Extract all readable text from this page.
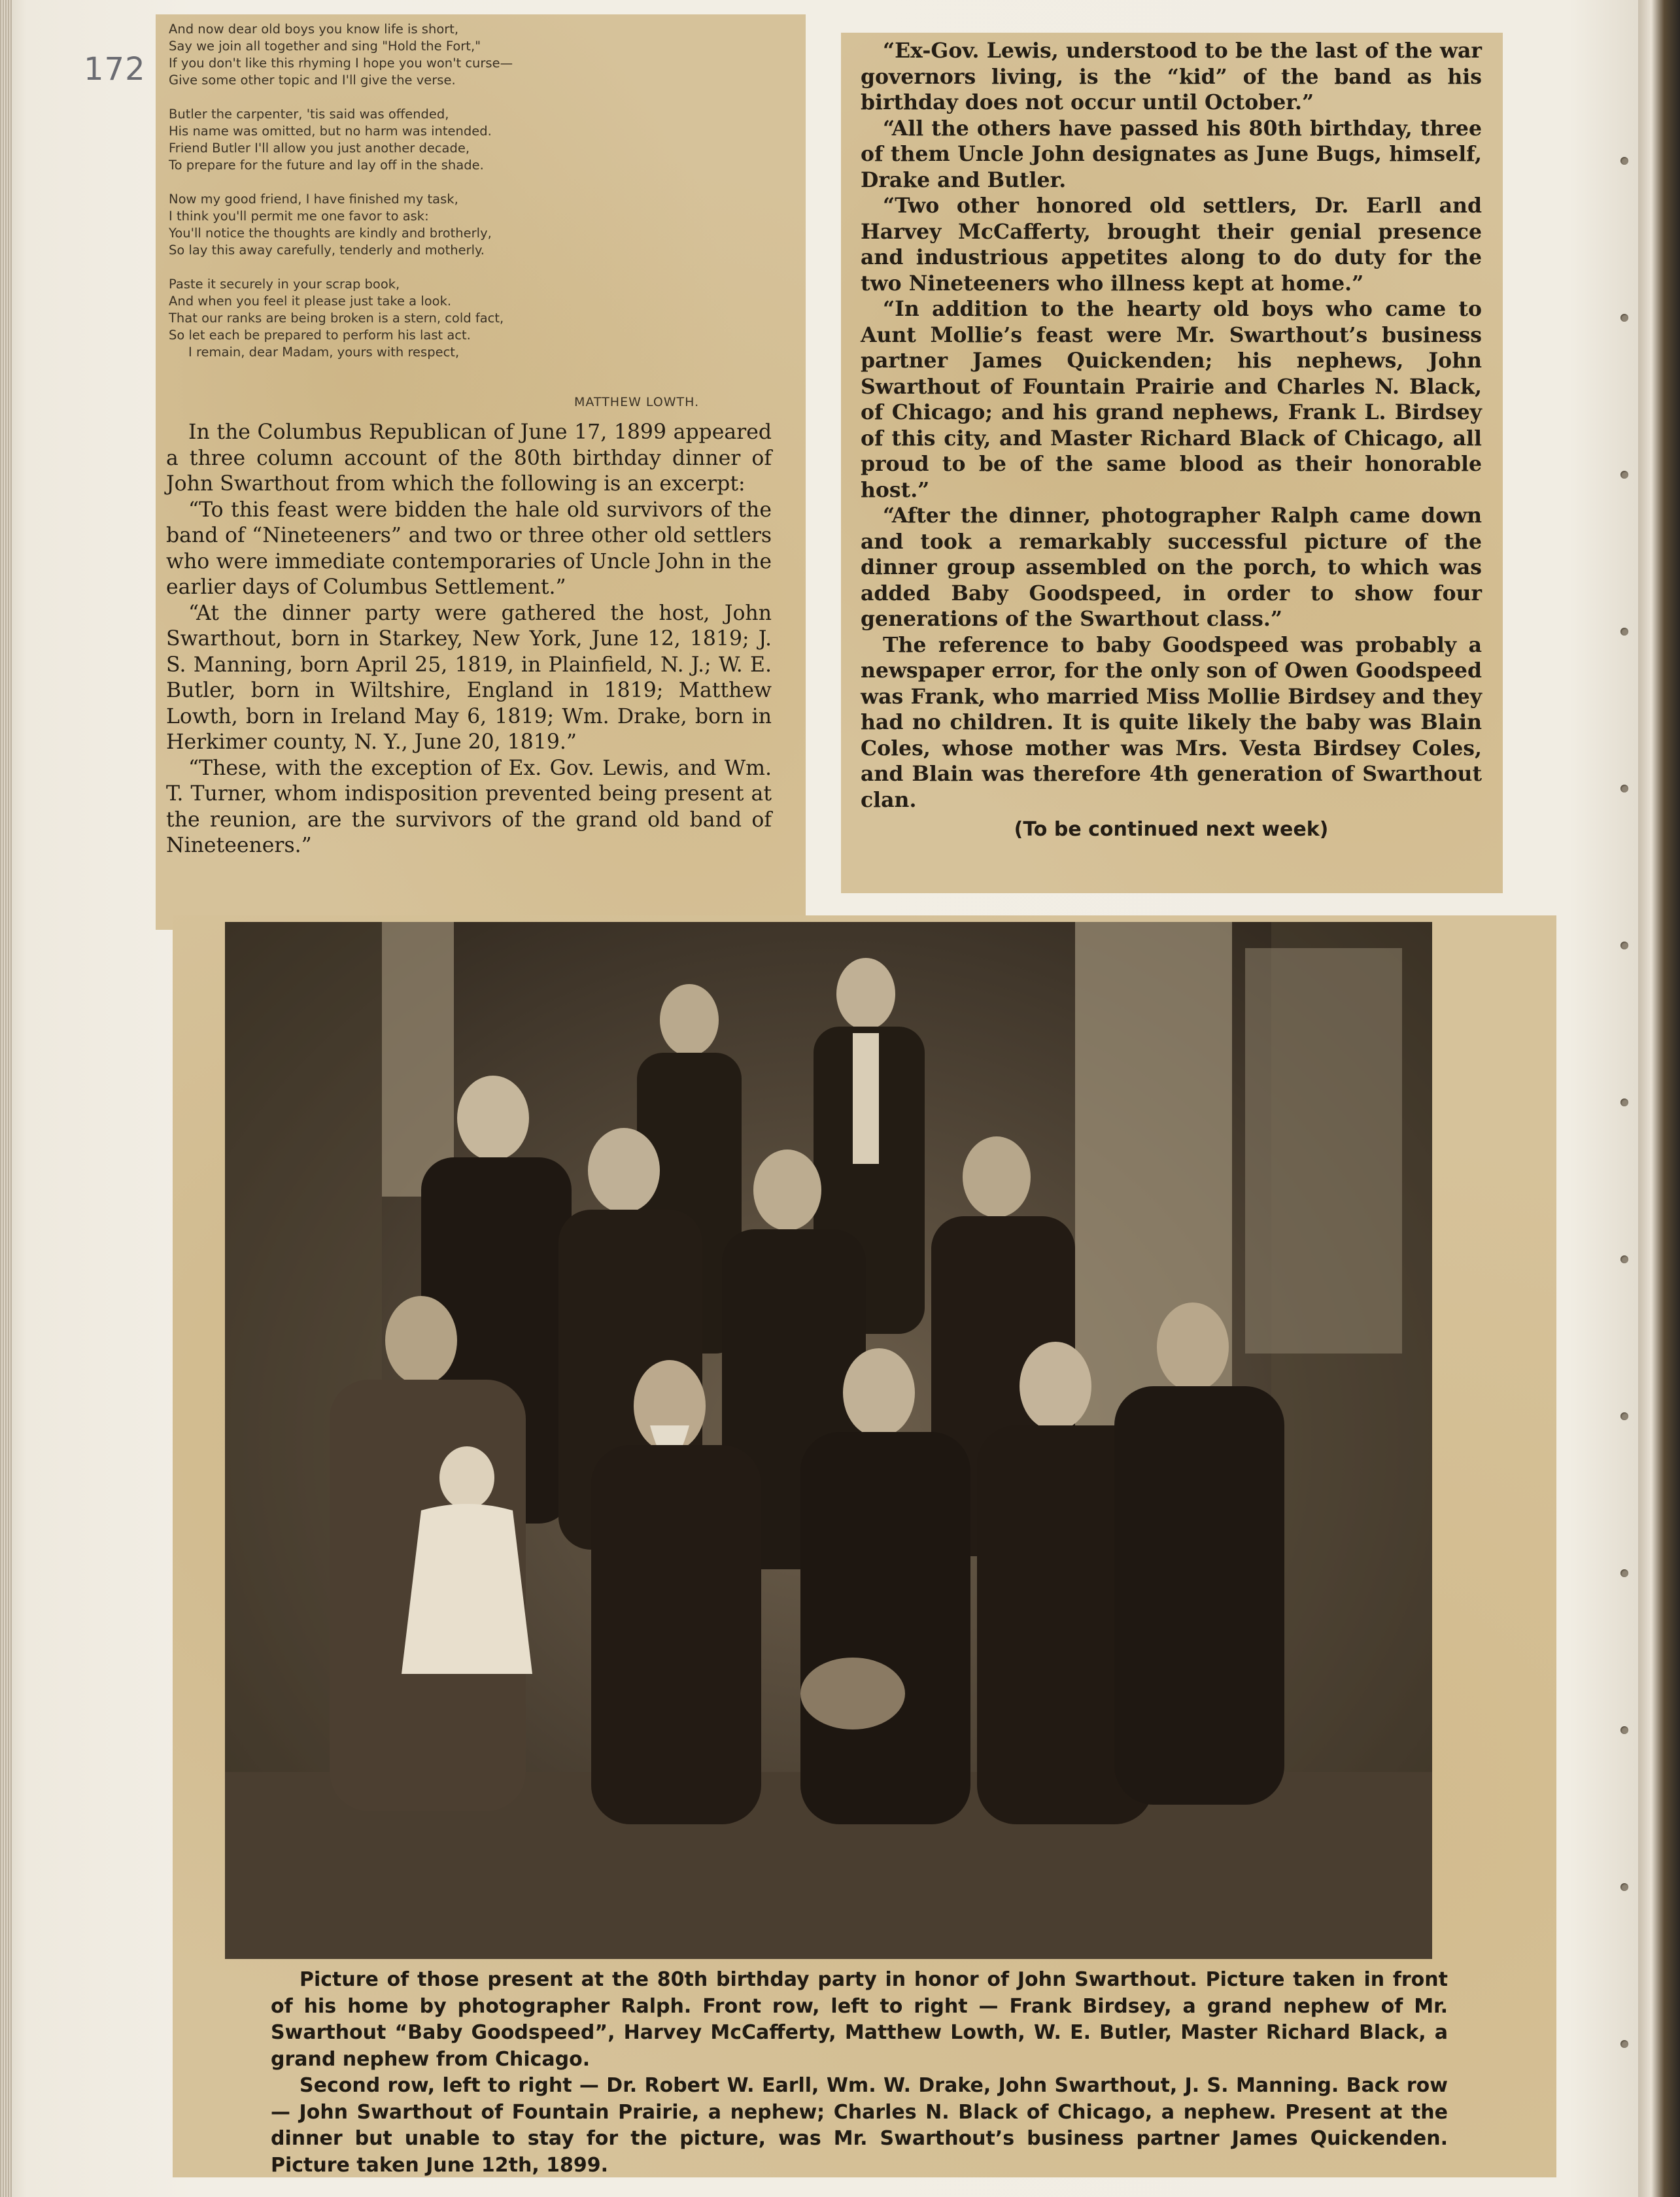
172
And now dear old boys you know life is short,
Say we join all together and sing "Hold the Fort,"
If you don't like this rhyming I hope you won't curse—
Give some other topic and I'll give the verse.
Butler the carpenter, 'tis said was offended,
His name was omitted, but no harm was intended.
Friend Butler I'll allow you just another decade,
To prepare for the future and lay off in the shade.
Now my good friend, I have finished my task,
I think you'll permit me one favor to ask:
You'll notice the thoughts are kindly and brotherly,
So lay this away carefully, tenderly and motherly.
Paste it securely in your scrap book,
And when you feel it please just take a look.
That our ranks are being broken is a stern, cold fact,
So let each be prepared to perform his last act.
I remain, dear Madam, yours with respect,
MATTHEW LOWTH.

In the Columbus Republican of June 17, 1899 appeared a three column account of the 80th birthday dinner of John Swarthout from which the following is an excerpt:

“To this feast were bidden the hale old survivors of the band of “Nineteeners” and two or three other old settlers who were immediate contemporaries of Uncle John in the earlier days of Columbus Settlement.”

“At the dinner party were gathered the host, John Swarthout, born in Starkey, New York, June 12, 1819; J. S. Manning, born April 25, 1819, in Plainfield, N. J.; W. E. Butler, born in Wiltshire, England in 1819; Matthew Lowth, born in Ireland May 6, 1819; Wm. Drake, born in Herkimer county, N. Y., June 20, 1819.”

“These, with the exception of Ex. Gov. Lewis, and Wm. T. Turner, whom indisposition prevented being present at the reunion, are the survivors of the grand old band of Nineteeners.”

“Ex-Gov. Lewis, understood to be the last of the war governors living, is the “kid” of the band as his birthday does not occur until October.”

“All the others have passed his 80th birthday, three of them Uncle John designates as June Bugs, himself, Drake and Butler.

“Two other honored old settlers, Dr. Earll and Harvey McCafferty, brought their genial presence and industrious appetites along to do duty for the two Nineteeners who illness kept at home.”

“In addition to the hearty old boys who came to Aunt Mollie’s feast were Mr. Swarthout’s business partner James Quickenden; his nephews, John Swarthout of Fountain Prairie and Charles N. Black, of Chicago; and his grand nephews, Frank L. Birdsey of this city, and Master Richard Black of Chicago, all proud to be of the same blood as their honorable host.”

“After the dinner, photographer Ralph came down and took a remarkably successful picture of the dinner group assembled on the porch, to which was added Baby Goodspeed, in order to show four generations of the Swarthout class.”

The reference to baby Goodspeed was probably a newspaper error, for the only son of Owen Goodspeed was Frank, who married Miss Mollie Birdsey and they had no children. It is quite likely the baby was Blain Coles, whose mother was Mrs. Vesta Birdsey Coles, and Blain was therefore 4th generation of Swarthout clan.

(To be continued next week)

Picture of those present at the 80th birthday party in honor of John Swarthout. Picture taken in front of his home by photographer Ralph. Front row, left to right — Frank Birdsey, a grand nephew of Mr. Swarthout “Baby Goodspeed”, Harvey McCafferty, Matthew Lowth, W. E. Butler, Master Richard Black, a grand nephew from Chicago.

Second row, left to right — Dr. Robert W. Earll, Wm. W. Drake, John Swarthout, J. S. Manning. Back row — John Swarthout of Fountain Prairie, a nephew; Charles N. Black of Chicago, a nephew. Present at the dinner but unable to stay for the picture, was Mr. Swarthout’s business partner James Quickenden. Picture taken June 12th, 1899.
